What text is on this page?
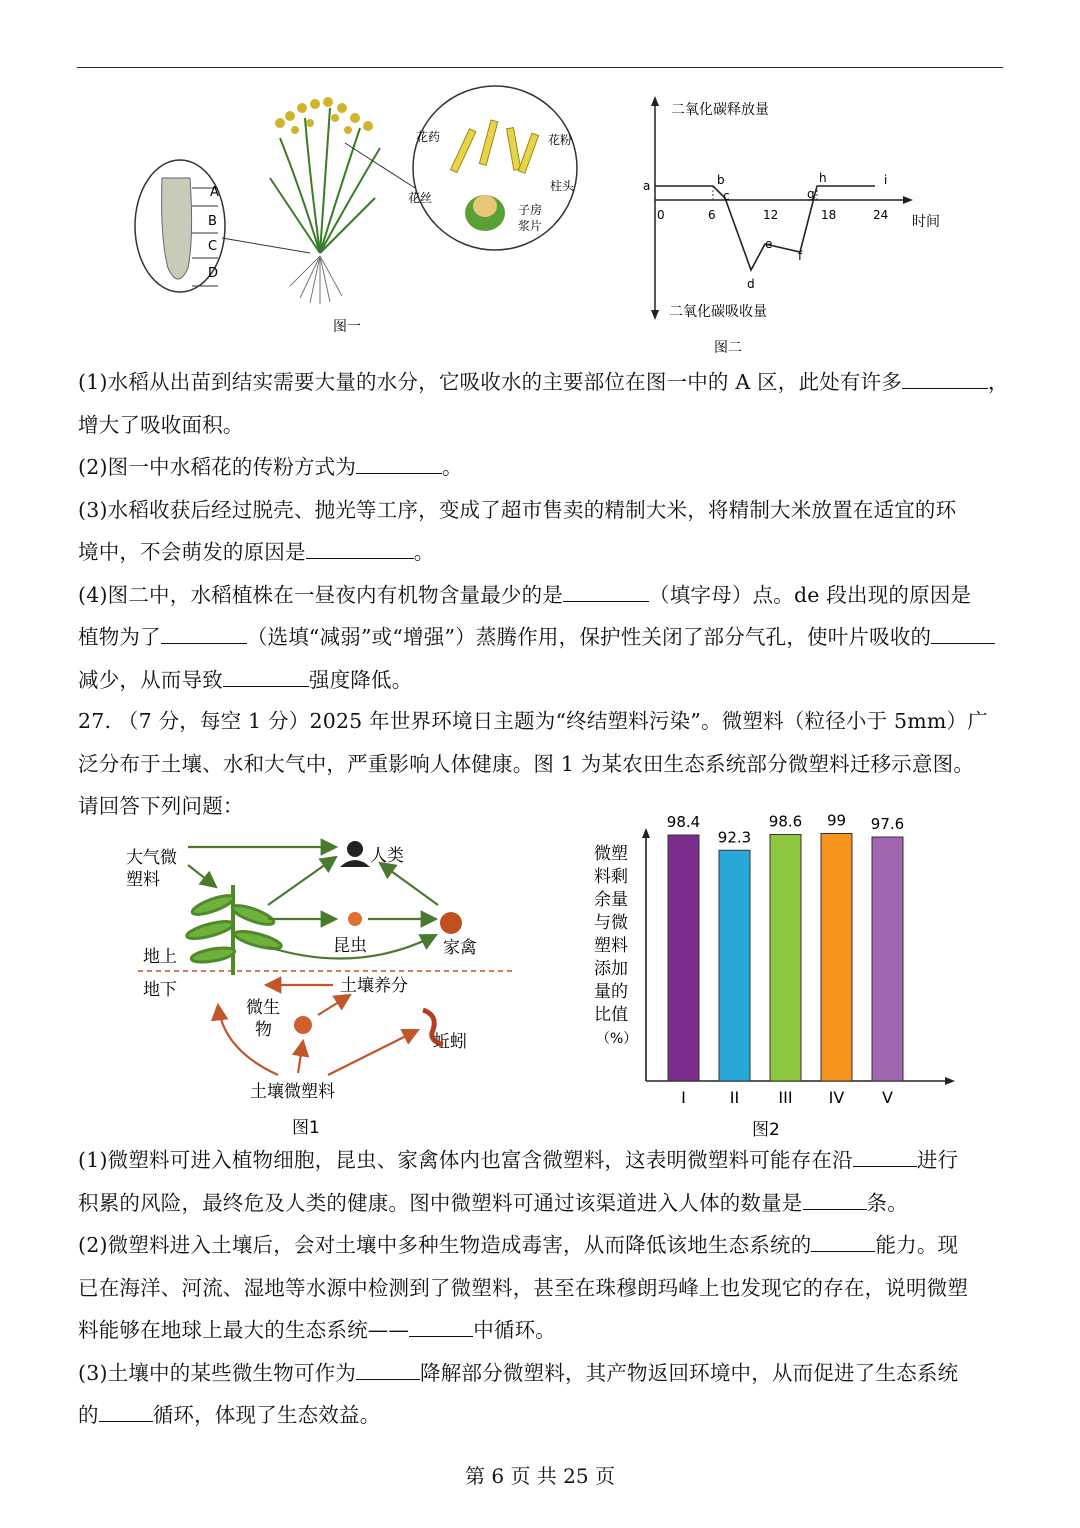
A
B
C
D
花药	花粉
柱头
花丝
子房
浆片
图一
二氧化碳释放量
二氧化碳吸收量
时间
0	6	12	18	24
a	b
c
d
e
f
g
h	i
图二

(1)水稻从出苗到结实需要大量的水分，它吸收水的主要部位在图一中的 A 区，此处有许多	，

增大了吸收面积。

(2)图一中水稻花的传粉方式为	。

(3)水稻收获后经过脱壳、抛光等工序，变成了超市售卖的精制大米，将精制大米放置在适宜的环

境中，不会萌发的原因是	。

(4)图二中，水稻植株在一昼夜内有机物含量最少的是	（填字母）点。de 段出现的原因是

植物为了	（选填“减弱”或“增强”）蒸腾作用，保护性关闭了部分气孔，使叶片吸收的

减少，从而导致	强度降低。

27. （7 分，每空 1 分）2025 年世界环境日主题为“终结塑料污染”。微塑料（粒径小于 5mm）广

泛分布于土壤、水和大气中，严重影响人体健康。图 1 为某农田生态系统部分微塑料迁移示意图。

请回答下列问题：

大气微
塑料
人类
昆虫	家禽
地上
地下	土壤养分
微生
物
蚯蚓
土壤微塑料
图1
微塑料剩余量与微塑料添加量的比值（%）
图2
98.4
I
92.3
II
98.6
III
99
IV
97.6
V

(1)微塑料可进入植物细胞，昆虫、家禽体内也富含微塑料，这表明微塑料可能存在沿	进行

积累的风险，最终危及人类的健康。图中微塑料可通过该渠道进入人体的数量是	条。

(2)微塑料进入土壤后，会对土壤中多种生物造成毒害，从而降低该地生态系统的	能力。现

已在海洋、河流、湿地等水源中检测到了微塑料，甚至在珠穆朗玛峰上也发现它的存在，说明微塑

料能够在地球上最大的生态系统——	中循环。

(3)土壤中的某些微生物可作为	降解部分微塑料，其产物返回环境中，从而促进了生态系统

的	循环，体现了生态效益。

第 6 页 共 25 页
